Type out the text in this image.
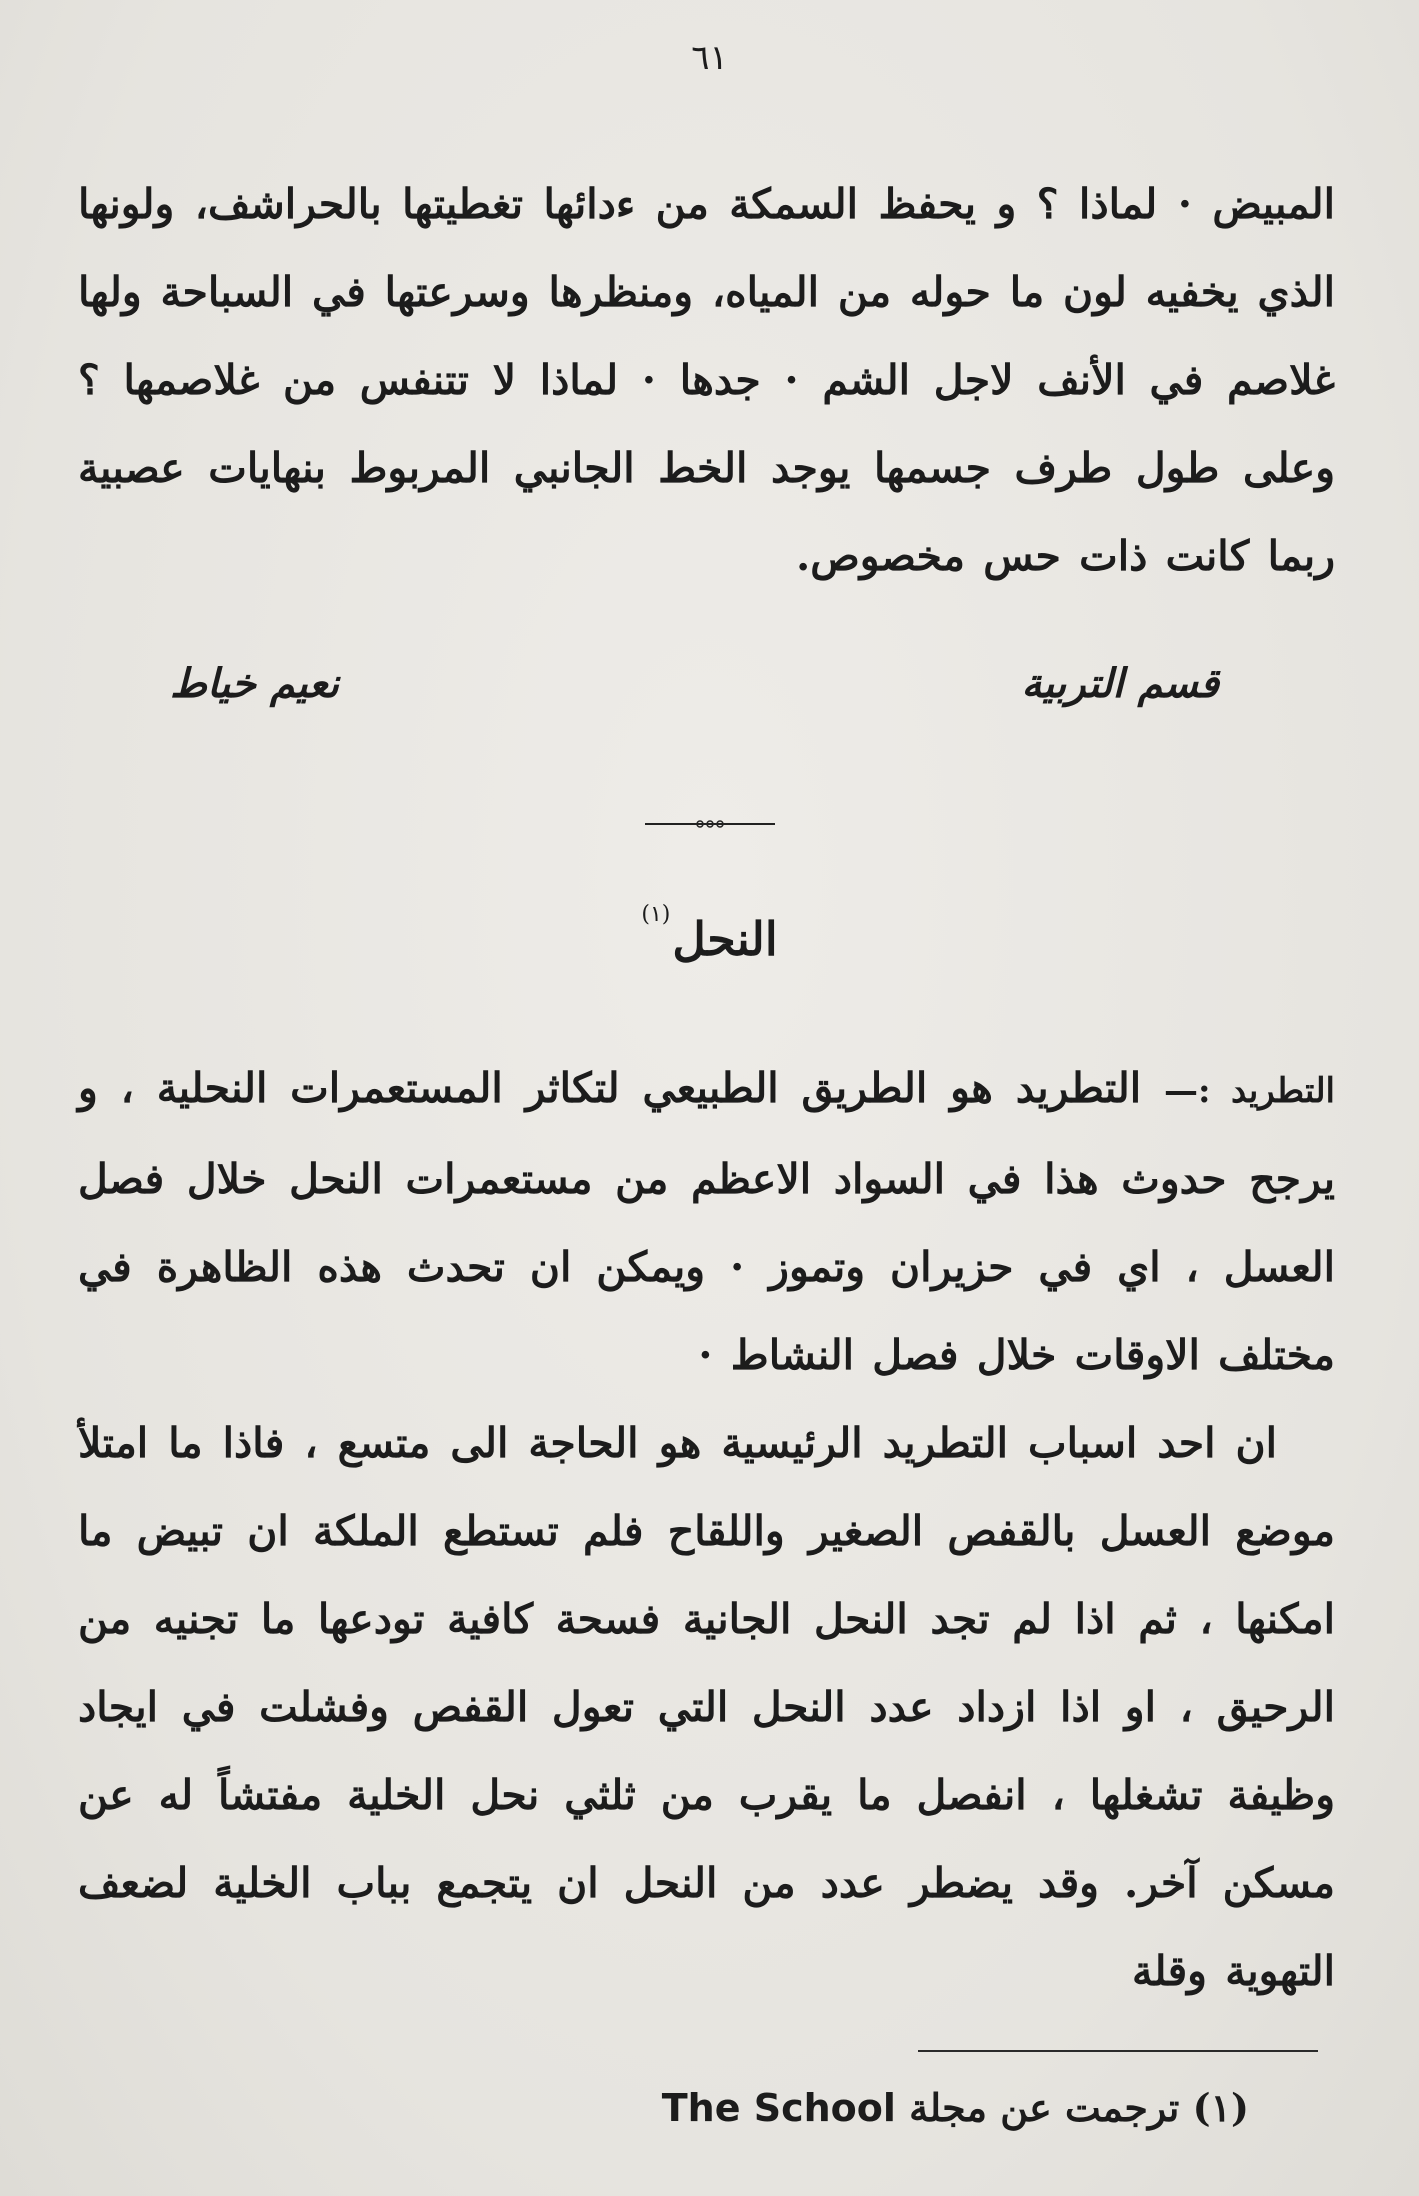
٦١
المبيض · لماذا ؟ و يحفظ السمكة من ءدائها تغطيتها بالحراشف، ولونها الذي يخفيه لون ما حوله من المياه، ومنظرها وسرعتها في السباحة ولها غلاصم في الأنف لاجل الشم · جدها · لماذا لا تتنفس من غلاصمها ؟ وعلى طول طرف جسمها يوجد الخط الجانبي المربوط بنهايات عصبية ربما كانت ذات حس مخصوص.
قسم التربية
نعيم خياط
النحل$^{(١)}$

التطريد :— التطريد هو الطريق الطبيعي لتكاثر المستعمرات النحلية ، و يرجح حدوث هذا في السواد الاعظم من مستعمرات النحل خلال فصل العسل ، اي في حزيران وتموز · ويمكن ان تحدث هذه الظاهرة في مختلف الاوقات خلال فصل النشاط ·

ان احد اسباب التطريد الرئيسية هو الحاجة الى متسع ، فاذا ما امتلأ موضع العسل بالقفص الصغير واللقاح فلم تستطع الملكة ان تبيض ما امكنها ، ثم اذا لم تجد النحل الجانية فسحة كافية تودعها ما تجنيه من الرحيق ، او اذا ازداد عدد النحل التي تعول القفص وفشلت في ايجاد وظيفة تشغلها ، انفصل ما يقرب من ثلثي نحل الخلية مفتشاً له عن مسكن آخر. وقد يضطر عدد من النحل ان يتجمع بباب الخلية لضعف التهوية وقلة

(١) ترجمت عن مجلة The School
